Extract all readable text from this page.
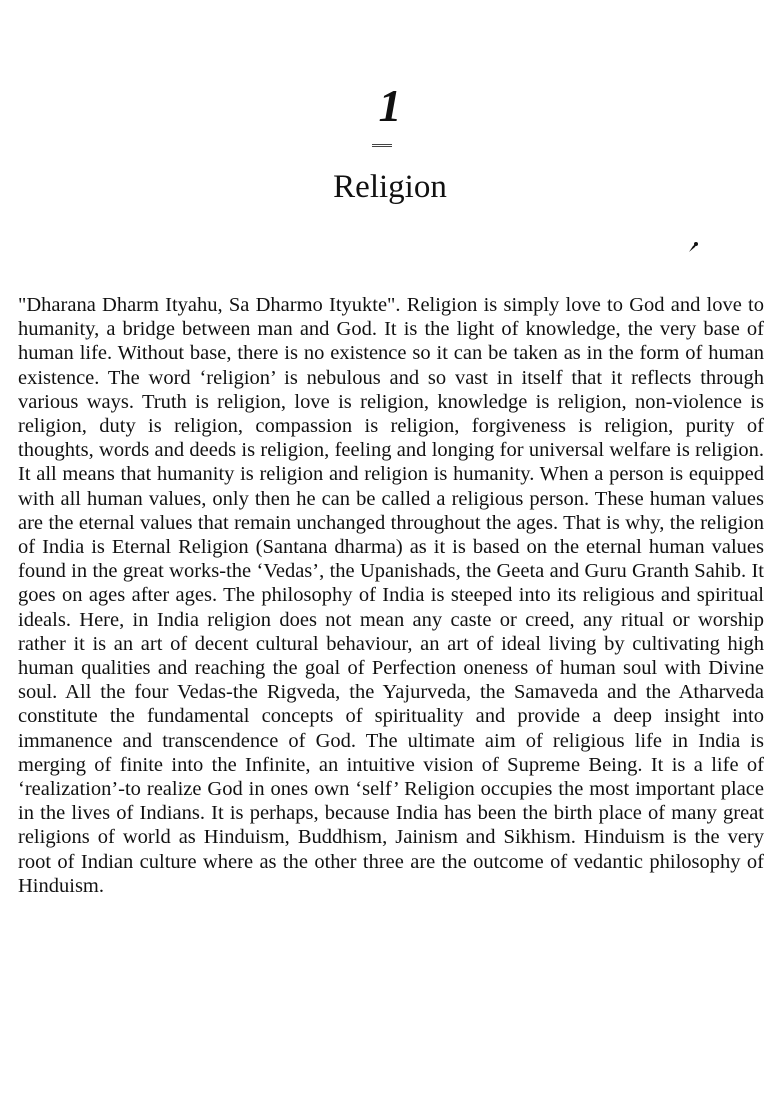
1
Religion

"Dharana Dharm Ityahu, Sa Dharmo Ityukte". Religion is simply love to God and love to humanity, a bridge between man and God. It is the light of knowledge, the very base of human life. Without base, there is no existence so it can be taken as in the form of human existence. The word ‘religion’ is nebulous and so vast in itself that it reflects through various ways. Truth is religion, love is religion, knowledge is religion, non-violence is religion, duty is religion, compassion is religion, forgiveness is religion, purity of thoughts, words and deeds is religion, feeling and longing for universal welfare is religion. It all means that humanity is religion and religion is humanity. When a person is equipped with all human values, only then he can be called a religious person. These human values are the eternal values that remain unchanged throughout the ages. That is why, the religion of India is Eternal Religion (Santana dharma) as it is based on the eternal human values found in the great works-the ‘Vedas’, the Upanishads, the Geeta and Guru Granth Sahib. It goes on ages after ages. The philosophy of India is steeped into its religious and spiritual ideals. Here, in India religion does not mean any caste or creed, any ritual or worship rather it is an art of decent cultural behaviour, an art of ideal living by cultivating high human qualities and reaching the goal of Perfection oneness of human soul with Divine soul. All the four Vedas-the Rigveda, the Yajurveda, the Samaveda and the Atharveda constitute the fundamental concepts of spirituality and provide a deep insight into immanence and transcendence of God. The ultimate aim of religious life in India is merging of finite into the Infinite, an intuitive vision of Supreme Being. It is a life of ‘realization’-to realize God in ones own ‘self’ Religion occupies the most important place in the lives of Indians. It is perhaps, because India has been the birth place of many great religions of world as Hinduism, Buddhism, Jainism and Sikhism. Hinduism is the very root of Indian culture where as the other three are the outcome of vedantic philosophy of Hinduism.
